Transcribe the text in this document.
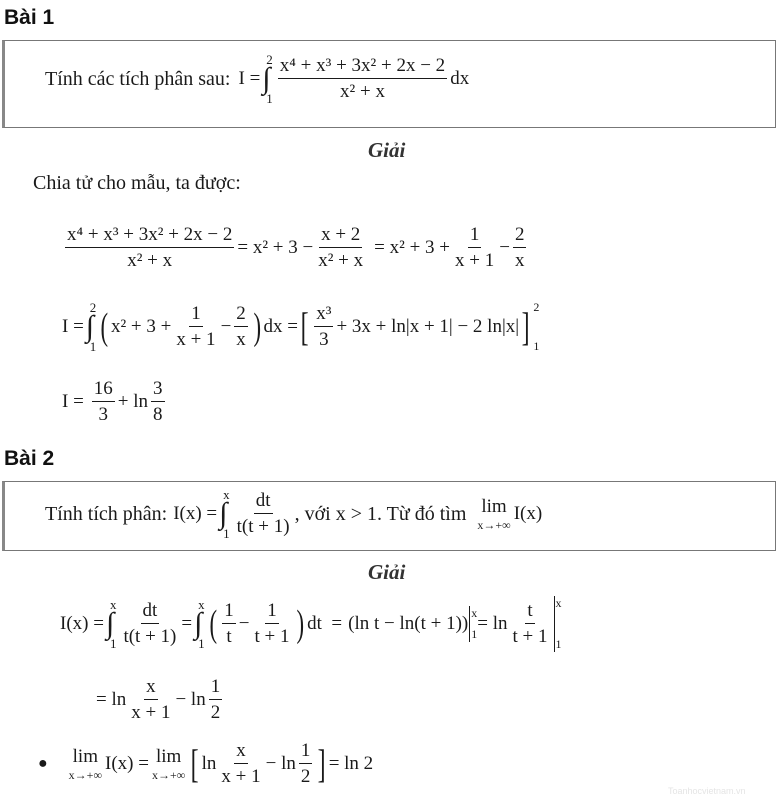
Bài 1
Tính các tích phân sau: I =
2
∫
$1 \frac{\text{x⁴ + x³ + 3x² + 2x − 2}}{\text{x² + x}}$ dx
Giải
Chia tử cho mẫu, ta được:
$\frac{\text{x⁴ + x³ + 3x² + 2x − 2}}{\text{x² + x}} = x^2 + 3 - \frac{x + 2}{\text{x² + x}} = x^2 + 3 + \frac{1}{x + 1} - \frac{2}{x}$
I =
2
∫
1 ( $x^2 + 3 + \frac{1}{x + 1} - \frac{2}{x}$ ) dx = [ $\frac{\text{x³}}{3} + 3x + \ln|x + 1| - 2$ ln|x| ] 2
1
$I = \frac{16}{3} + \ln \frac{3}{8}$
Bài 2
Tính tích phân: I(x) =
x
∫
$1 \frac{dt}{t(t + 1)}$ , với x > 1. Từ đó tìm lim
x→+∞
I(x)
Giải
I(x) =
x
∫
$1 \frac{dt}{t(t + 1)}$ =
x
∫
1 ( $\frac{1}{t} - \frac{1}{t + 1}$ ) dt  = (ln t − ln(t + 1)) x
$1 = \ln \frac{t}{t + 1}$ x
1
= $\ln \frac{x}{x + 1} - \ln \frac{1}{2}$
● lim
x→+∞
I(x) = lim
x→+∞ [ $\ln \frac{x}{x + 1} - \ln \frac{1}{2}$ ] = ln 2
Toanhocvietnam.vn
